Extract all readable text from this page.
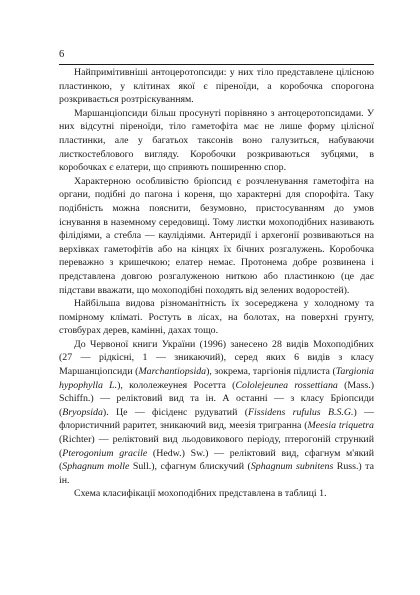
6

Найпримітивніші антоцеротопсиди: у них тіло представлене цілісною пластинкою, у клітинах якої є піреноїди, а коробочка спорогона розкривається розтріскуванням.

Маршанціопсиди більш просунуті порівняно з антоцеротопсидами. У них відсутні піреноїди, тіло гаметофіта має не лише форму цілісної пластинки, але у багатьох таксонів воно галузиться, набуваючи листкостеблового вигляду. Коробочки розкриваються зубцями, в коробочках є елатери, що сприяють поширенню спор.

Характерною особливістю бріопсид є розчленування гаметофіта на органи, подібні до пагона і кореня, що характерні для спорофіта. Таку подібність можна пояснити, безумовно, пристосуванням до умов існування в наземному середовищі. Тому листки мохоподібних називають філідіями, а стебла — каулідіями. Антеридії і архегонії розвиваються на верхівках гаметофітів або на кінцях їх бічних розгалужень. Коробочка переважно з кришечкою; елатер немає. Протонема добре розвинена і представлена довгою розгалуженою ниткою або пластинкою (це дає підстави вважати, що мохоподібні походять від зелених водоростей).

Найбільша видова різноманітність їх зосереджена у холодному та помірному кліматі. Ростуть в лісах, на болотах, на поверхні грунту, стовбурах дерев, камінні, дахах тощо.

До Червоної книги України (1996) занесено 28 видів Мохоподібних (27 — рідкісні, 1 — зникаючий), серед яких 6 видів з класу Маршанціопсиди (Marchantiopsida), зокрема, таргіонія підлиста (Targionia hypophylla L.), кололежеунея Росетта (Cololejeunea rossettiana (Mass.) Schiffn.) — реліктовий вид та ін. А останні — з класу Бріопсиди (Bryopsida). Це — фісіденс рудуватий (Fissidens rufulus B.S.G.) — флористичний раритет, зникаючий вид, меезія тригранна (Meesia triquetra (Richter) — реліктовий вид льодовикового періоду, птерогоній стрункий (Pterogonium gracile (Hedw.) Sw.) — реліктовий вид, сфагнум м'який (Sphagnum molle Sull.), сфагнум блискучий (Sphagnum subnitens Russ.) та ін.

Схема класифікації мохоподібних представлена в таблиці 1.
